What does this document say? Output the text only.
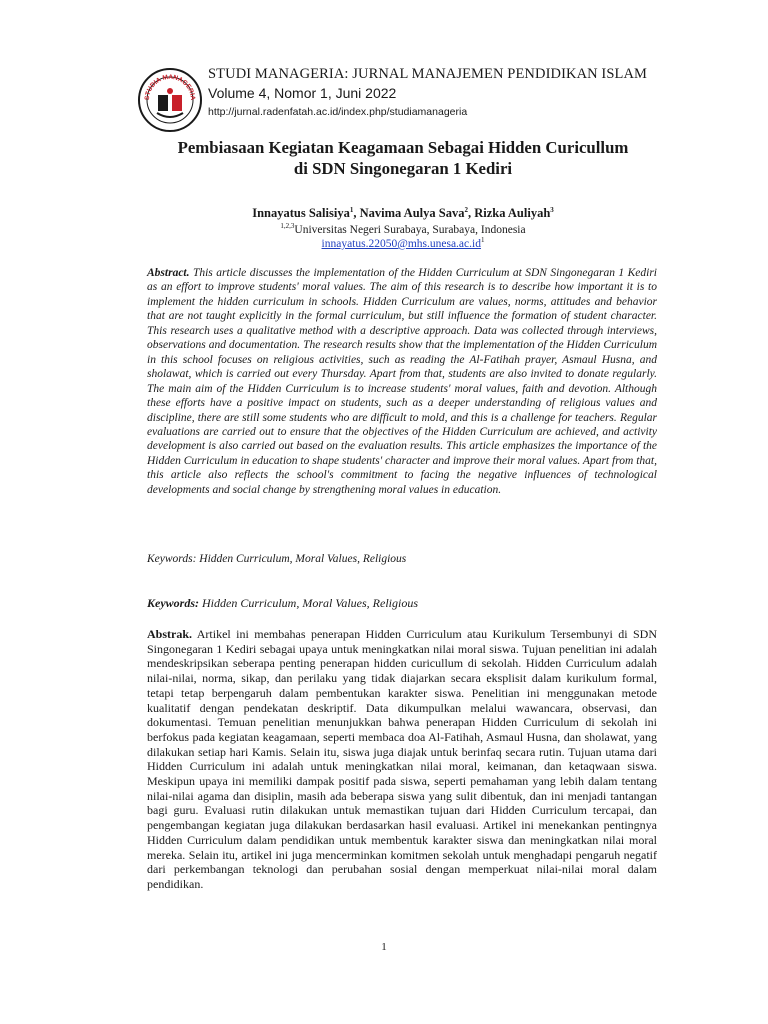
STUDIA MANAGERIA
STUDI MANAGERIA: JURNAL MANAJEMEN PENDIDIKAN ISLAM
Volume 4, Nomor 1, Juni 2022
http://jurnal.radenfatah.ac.id/index.php/studiamanageria
Pembiasaan Kegiatan Keagamaan Sebagai Hidden Curicullum
di SDN Singonegaran 1 Kediri
Innayatus Salisiya$^1$, Navima Aulya Sava$^2$, Rizka Auliyah$^3$
$^{1,2,3}$Universitas Negeri Surabaya, Surabaya, Indonesia
$innayatus.22050@mhs.unesa.ac.id^1$
Abstract. This article discusses the implementation of the Hidden Curriculum at SDN Singonegaran 1 Kediri as an effort to improve students' moral values. The aim of this research is to describe how important it is to implement the hidden curriculum in schools. Hidden Curriculum are values, norms, attitudes and behavior that are not taught explicitly in the formal curriculum, but still influence the formation of student character. This research uses a qualitative method with a descriptive approach. Data was collected through interviews, observations and documentation. The research results show that the implementation of the Hidden Curriculum in this school focuses on religious activities, such as reading the Al-Fatihah prayer, Asmaul Husna, and sholawat, which is carried out every Thursday. Apart from that, students are also invited to donate regularly. The main aim of the Hidden Curriculum is to increase students' moral values, faith and devotion. Although these efforts have a positive impact on students, such as a deeper understanding of religious values and discipline, there are still some students who are difficult to mold, and this is a challenge for teachers. Regular evaluations are carried out to ensure that the objectives of the Hidden Curriculum are achieved, and activity development is also carried out based on the evaluation results. This article emphasizes the importance of the Hidden Curriculum in education to shape students' character and improve their moral values. Apart from that, this article also reflects the school's commitment to facing the negative influences of technological developments and social change by strengthening moral values in education.
Keywords: Hidden Curriculum, Moral Values, Religious
Keywords: Hidden Curriculum, Moral Values, Religious
Abstrak. Artikel ini membahas penerapan Hidden Curriculum atau Kurikulum Tersembunyi di SDN Singonegaran 1 Kediri sebagai upaya untuk meningkatkan nilai moral siswa. Tujuan penelitian ini adalah mendeskripsikan seberapa penting penerapan hidden curicullum di sekolah. Hidden Curriculum adalah nilai-nilai, norma, sikap, dan perilaku yang tidak diajarkan secara eksplisit dalam kurikulum formal, tetapi tetap berpengaruh dalam pembentukan karakter siswa. Penelitian ini menggunakan metode kualitatif dengan pendekatan deskriptif. Data dikumpulkan melalui wawancara, observasi, dan dokumentasi. Temuan penelitian menunjukkan bahwa penerapan Hidden Curriculum di sekolah ini berfokus pada kegiatan keagamaan, seperti membaca doa Al-Fatihah, Asmaul Husna, dan sholawat, yang dilakukan setiap hari Kamis. Selain itu, siswa juga diajak untuk berinfaq secara rutin. Tujuan utama dari Hidden Curriculum ini adalah untuk meningkatkan nilai moral, keimanan, dan ketaqwaan siswa. Meskipun upaya ini memiliki dampak positif pada siswa, seperti pemahaman yang lebih dalam tentang nilai-nilai agama dan disiplin, masih ada beberapa siswa yang sulit dibentuk, dan ini menjadi tantangan bagi guru. Evaluasi rutin dilakukan untuk memastikan tujuan dari Hidden Curriculum tercapai, dan pengembangan kegiatan juga dilakukan berdasarkan hasil evaluasi. Artikel ini menekankan pentingnya Hidden Curriculum dalam pendidikan untuk membentuk karakter siswa dan meningkatkan nilai moral mereka. Selain itu, artikel ini juga mencerminkan komitmen sekolah untuk menghadapi pengaruh negatif dari perkembangan teknologi dan perubahan sosial dengan memperkuat nilai-nilai moral dalam pendidikan.
1
